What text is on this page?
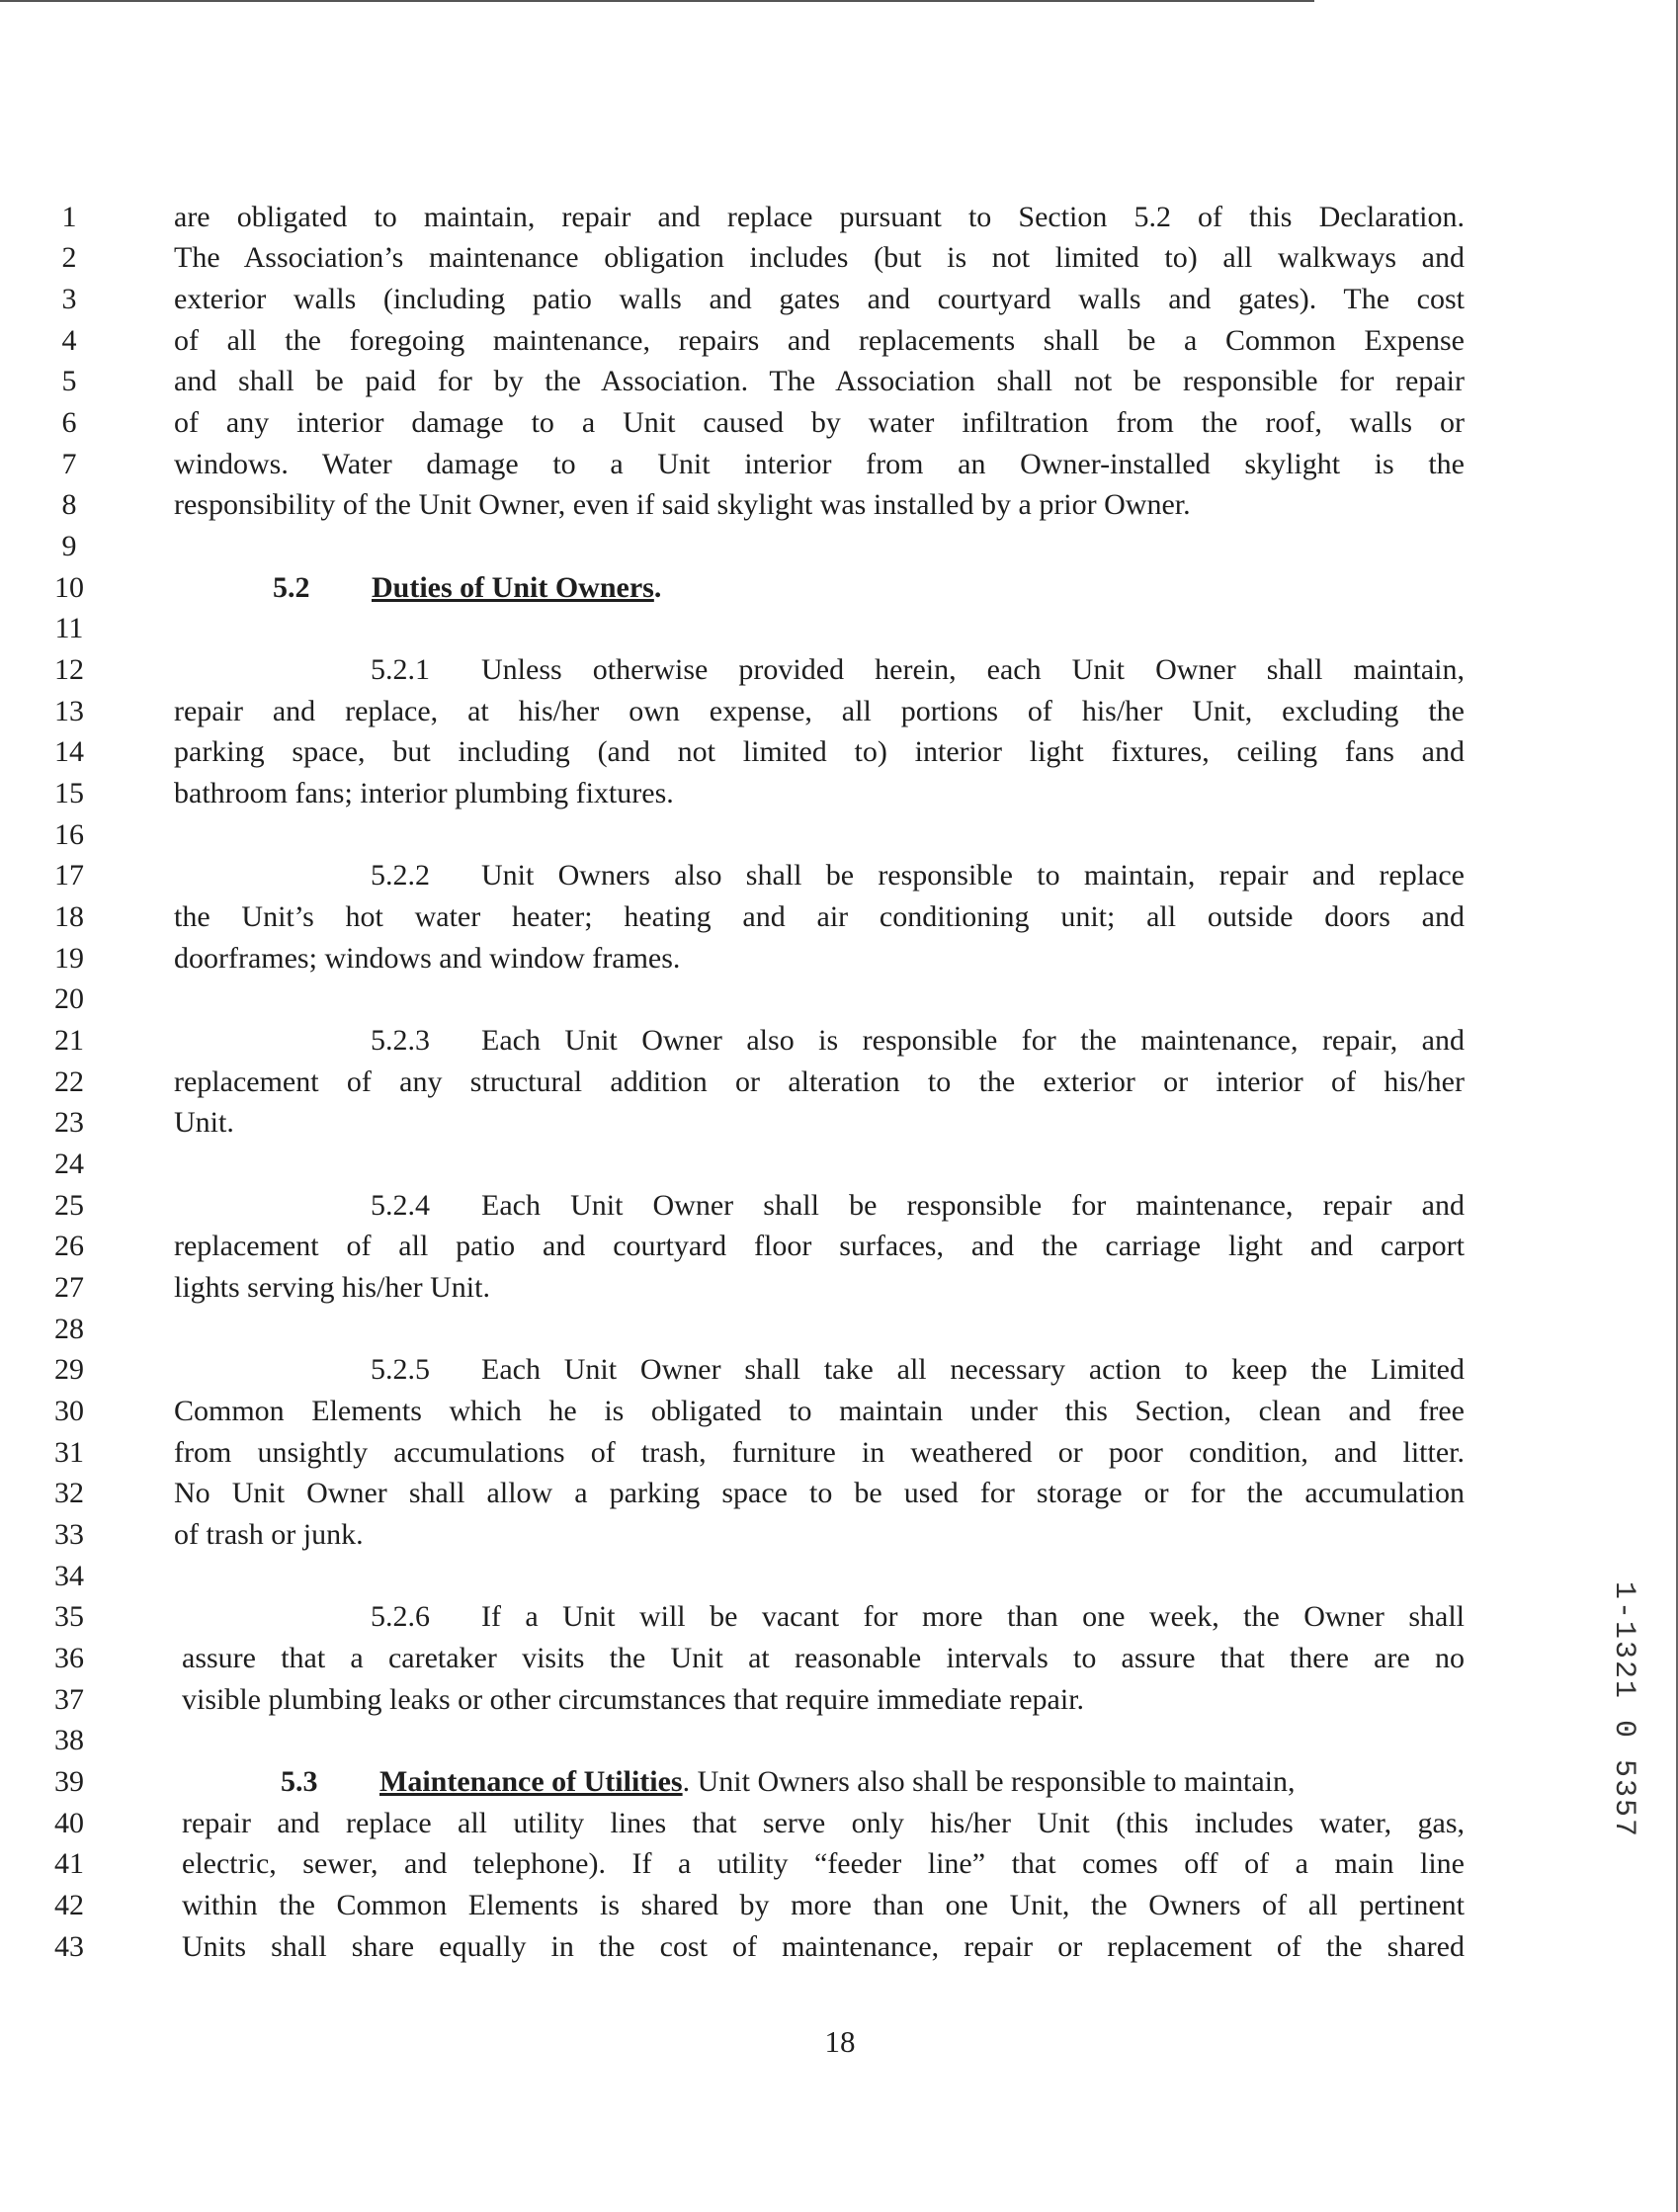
1
2
3
4
5
6
7
8
9
10
11
12
13
14
15
16
17
18
19
20
21
22
23
24
25
26
27
28
29
30
31
32
33
34
35
36
37
38
39
40
41
42
43
are obligated to maintain, repair and replace pursuant to Section 5.2 of this Declaration.
The Association’s maintenance obligation includes (but is not limited to) all walkways and
exterior walls (including patio walls and gates and courtyard walls and gates). The cost
of all the foregoing maintenance, repairs and replacements shall be a Common Expense
and shall be paid for by the Association. The Association shall not be responsible for repair
of any interior damage to a Unit caused by water infiltration from the roof, walls or
windows. Water damage to a Unit interior from an Owner-installed skylight is the
responsibility of the Unit Owner, even if said skylight was installed by a prior Owner.
5.2 Duties of Unit Owners.
5.2.1 Unless otherwise provided herein, each Unit Owner shall maintain,
repair and replace, at his/her own expense, all portions of his/her Unit, excluding the
parking space, but including (and not limited to) interior light fixtures, ceiling fans and
bathroom fans; interior plumbing fixtures.
5.2.2 Unit Owners also shall be responsible to maintain, repair and replace
the Unit’s hot water heater; heating and air conditioning unit; all outside doors and
doorframes; windows and window frames.
5.2.3 Each Unit Owner also is responsible for the maintenance, repair, and
replacement of any structural addition or alteration to the exterior or interior of his/her
Unit.
5.2.4 Each Unit Owner shall be responsible for maintenance, repair and
replacement of all patio and courtyard floor surfaces, and the carriage light and carport
lights serving his/her Unit.
5.2.5 Each Unit Owner shall take all necessary action to keep the Limited
Common Elements which he is obligated to maintain under this Section, clean and free
from unsightly accumulations of trash, furniture in weathered or poor condition, and litter.
No Unit Owner shall allow a parking space to be used for storage or for the accumulation
of trash or junk.
5.2.6 If a Unit will be vacant for more than one week, the Owner shall
assure that a caretaker visits the Unit at reasonable intervals to assure that there are no
visible plumbing leaks or other circumstances that require immediate repair.
5.3 Maintenance of Utilities. Unit Owners also shall be responsible to maintain,
repair and replace all utility lines that serve only his/her Unit (this includes water, gas,
electric, sewer, and telephone). If a utility “feeder line” that comes off of a main line
within the Common Elements is shared by more than one Unit, the Owners of all pertinent
Units shall share equally in the cost of maintenance, repair or replacement of the shared
18
1-1321 0 5357
